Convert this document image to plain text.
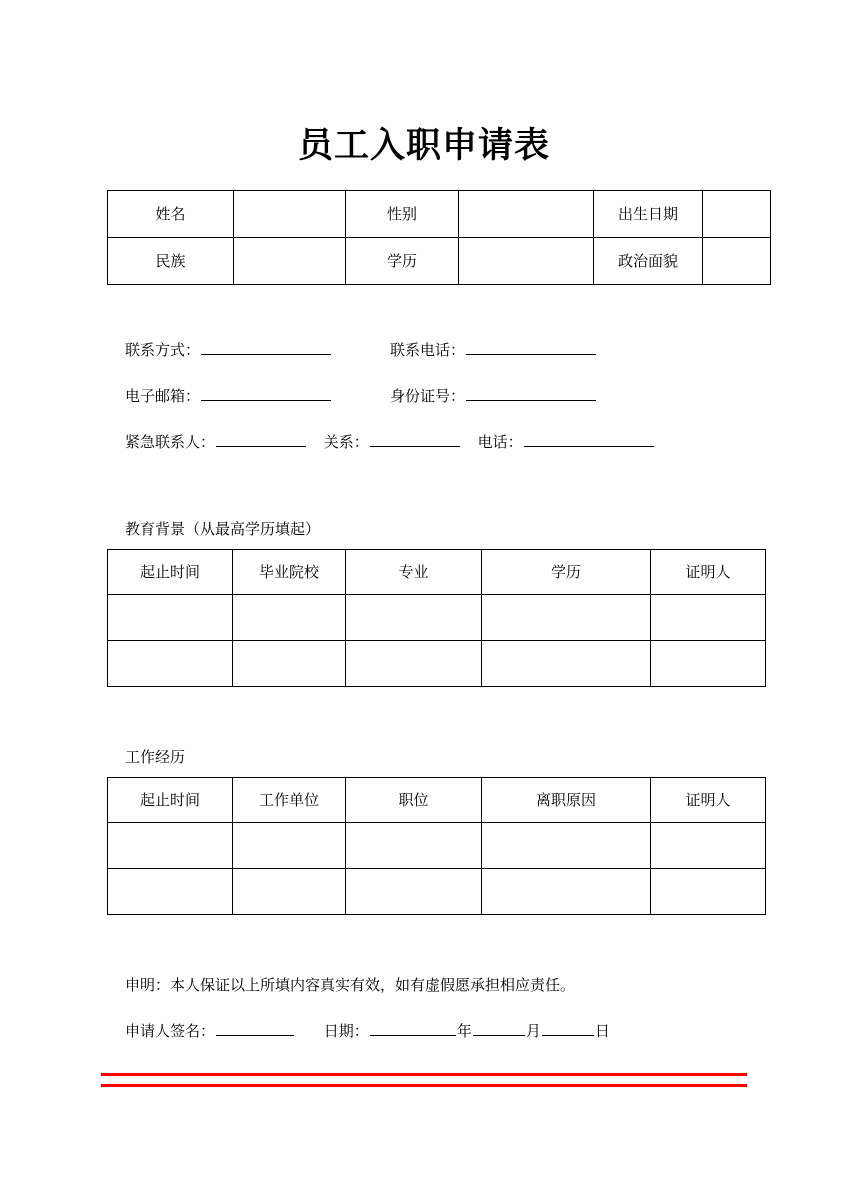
员工入职申请表
姓名		性别		出生日期	
民族		学历		政治面貌	
联系方式：	联系电话：
电子邮箱：	身份证号：
紧急联系人：	关系：	电话：
教育背景（从最高学历填起）
起止时间	毕业院校	专业	学历	证明人

工作经历
起止时间	工作单位	职位	离职原因	证明人

申明：本人保证以上所填内容真实有效，如有虚假愿承担相应责任。
申请人签名：	日期：	年	月	日
